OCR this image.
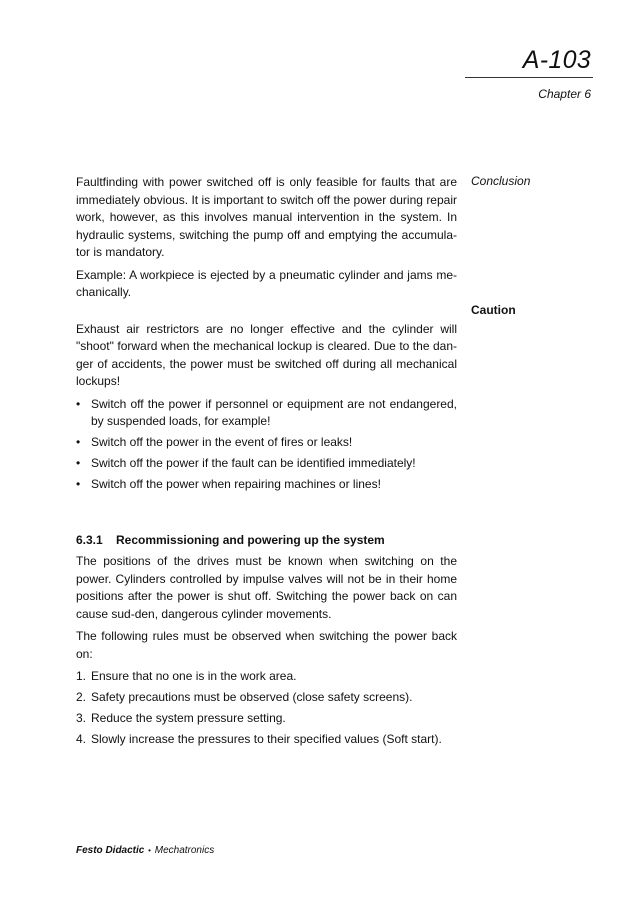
A-103
Chapter 6
Conclusion
Caution

Faultfinding with power switched off is only feasible for faults that are immediately obvious. It is important to switch off the power during repair work, however, as this involves manual intervention in the system. In hydraulic systems, switching the pump off and emptying the accumula-tor is mandatory.

Example: A workpiece is ejected by a pneumatic cylinder and jams me-chanically.

Exhaust air restrictors are no longer effective and the cylinder will "shoot" forward when the mechanical lockup is cleared. Due to the dan-ger of accidents, the power must be switched off during all mechanical lockups!

• Switch off the power if personnel or equipment are not endangered, by suspended loads, for example!
• Switch off the power in the event of fires or leaks!
• Switch off the power if the fault can be identified immediately!
• Switch off the power when repairing machines or lines!
6.3.1 Recommissioning and powering up the system

The positions of the drives must be known when switching on the power. Cylinders controlled by impulse valves will not be in their home positions after the power is shut off. Switching the power back on can cause sud-den, dangerous cylinder movements.

The following rules must be observed when switching the power back on:

1. Ensure that no one is in the work area.
2. Safety precautions must be observed (close safety screens).
3. Reduce the system pressure setting.
4. Slowly increase the pressures to their specified values (Soft start).
Festo Didactic • Mechatronics
